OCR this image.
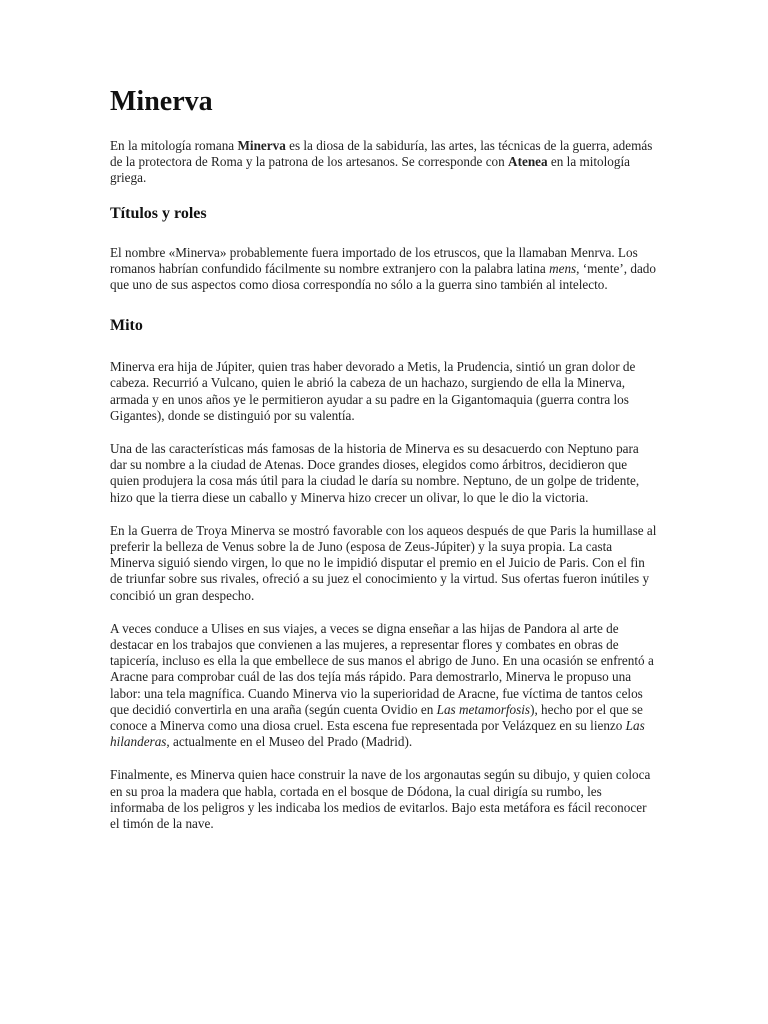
Minerva

En la mitología romana Minerva es la diosa de la sabiduría, las artes, las técnicas de la guerra, además de la protectora de Roma y la patrona de los artesanos. Se corresponde con Atenea en la mitología griega.

Títulos y roles

El nombre «Minerva» probablemente fuera importado de los etruscos, que la llamaban Menrva. Los romanos habrían confundido fácilmente su nombre extranjero con la palabra latina mens, ‘mente’, dado que uno de sus aspectos como diosa correspondía no sólo a la guerra sino también al intelecto.

Mito

Minerva era hija de Júpiter, quien tras haber devorado a Metis, la Prudencia, sintió un gran dolor de cabeza. Recurrió a Vulcano, quien le abrió la cabeza de un hachazo, surgiendo de ella la Minerva, armada y en unos años ye le permitieron ayudar a su padre en la Gigantomaquia (guerra contra los Gigantes), donde se distinguió por su valentía.

Una de las características más famosas de la historia de Minerva es su desacuerdo con Neptuno para dar su nombre a la ciudad de Atenas. Doce grandes dioses, elegidos como árbitros, decidieron que quien produjera la cosa más útil para la ciudad le daría su nombre. Neptuno, de un golpe de tridente, hizo que la tierra diese un caballo y Minerva hizo crecer un olivar, lo que le dio la victoria.

En la Guerra de Troya Minerva se mostró favorable con los aqueos después de que Paris la humillase al preferir la belleza de Venus sobre la de Juno (esposa de Zeus-Júpiter) y la suya propia. La casta Minerva siguió siendo virgen, lo que no le impidió disputar el premio en el Juicio de Paris. Con el fin de triunfar sobre sus rivales, ofreció a su juez el conocimiento y la virtud. Sus ofertas fueron inútiles y concibió un gran despecho.

A veces conduce a Ulises en sus viajes, a veces se digna enseñar a las hijas de Pandora al arte de destacar en los trabajos que convienen a las mujeres, a representar flores y combates en obras de tapicería, incluso es ella la que embellece de sus manos el abrigo de Juno. En una ocasión se enfrentó a Aracne para comprobar cuál de las dos tejía más rápido. Para demostrarlo, Minerva le propuso una labor: una tela magnífica. Cuando Minerva vio la superioridad de Aracne, fue víctima de tantos celos que decidió convertirla en una araña (según cuenta Ovidio en Las metamorfosis), hecho por el que se conoce a Minerva como una diosa cruel. Esta escena fue representada por Velázquez en su lienzo Las hilanderas, actualmente en el Museo del Prado (Madrid).

Finalmente, es Minerva quien hace construir la nave de los argonautas según su dibujo, y quien coloca en su proa la madera que habla, cortada en el bosque de Dódona, la cual dirigía su rumbo, les informaba de los peligros y les indicaba los medios de evitarlos. Bajo esta metáfora es fácil reconocer el timón de la nave.
